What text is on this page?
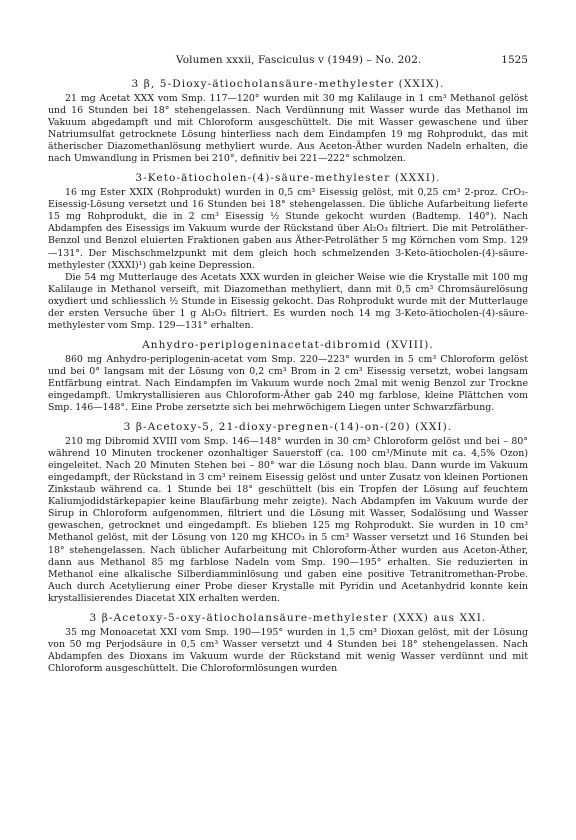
Volumen xxxii, Fasciculus v (1949) – No. 202.	1525
3 β, 5-Dioxy-ätiocholansäure-methylester (XXIX).

21 mg Acetat XXX vom Smp. 117—120° wurden mit 30 mg Kalilauge in 1 cm³ Methanol gelöst und 16 Stunden bei 18° stehengelassen. Nach Verdünnung mit Wasser wurde das Methanol im Vakuum abgedampft und mit Chloroform ausgeschüttelt. Die mit Wasser gewaschene und über Natriumsulfat getrocknete Lösung hinterliess nach dem Eindampfen 19 mg Rohprodukt, das mit ätherischer Diazomethanlösung methyliert wurde. Aus Aceton-Äther wurden Nadeln erhalten, die nach Umwandlung in Prismen bei 210°, definitiv bei 221—222° schmolzen.

3-Keto-ätiocholen-(4)-säure-methylester (XXXI).

16 mg Ester XXIX (Rohprodukt) wurden in 0,5 cm³ Eisessig gelöst, mit 0,25 cm³ 2-proz. CrO₃-Eisessig-Lösung versetzt und 16 Stunden bei 18° stehengelassen. Die übliche Aufarbeitung lieferte 15 mg Rohprodukt, die in 2 cm³ Eisessig ½ Stunde gekocht wurden (Badtemp. 140°). Nach Abdampfen des Eisessigs im Vakuum wurde der Rückstand über Al₂O₃ filtriert. Die mit Petroläther-Benzol und Benzol eluierten Fraktionen gaben aus Äther-Petroläther 5 mg Körnchen vom Smp. 129—131°. Der Mischschmelzpunkt mit dem gleich hoch schmelzenden 3-Keto-ätiocholen-(4)-säure-methylester (XXXI)¹) gab keine Depression.

Die 54 mg Mutterlauge des Acetats XXX wurden in gleicher Weise wie die Krystalle mit 100 mg Kalilauge in Methanol verseift, mit Diazomethan methyliert, dann mit 0,5 cm³ Chromsäurelösung oxydiert und schliesslich ½ Stunde in Eisessig gekocht. Das Rohprodukt wurde mit der Mutterlauge der ersten Versuche über 1 g Al₂O₃ filtriert. Es wurden noch 14 mg 3-Keto-ätiocholen-(4)-säure-methylester vom Smp. 129—131° erhalten.

Anhydro-periplogeninacetat-dibromid (XVIII).

860 mg Anhydro-periplogenin-acetat vom Smp. 220—223° wurden in 5 cm³ Chloroform gelöst und bei 0° langsam mit der Lösung von 0,2 cm³ Brom in 2 cm³ Eisessig versetzt, wobei langsam Entfärbung eintrat. Nach Eindampfen im Vakuum wurde noch 2mal mit wenig Benzol zur Trockne eingedampft. Umkrystallisieren aus Chloroform-Äther gab 240 mg farblose, kleine Plättchen vom Smp. 146—148°. Eine Probe zersetzte sich bei mehrwöchigem Liegen unter Schwarzfärbung.

3 β-Acetoxy-5, 21-dioxy-pregnen-(14)-on-(20) (XXI).

210 mg Dibromid XVIII vom Smp. 146—148° wurden in 30 cm³ Chloroform gelöst und bei – 80° während 10 Minuten trockener ozonhaltiger Sauerstoff (ca. 100 cm³/Minute mit ca. 4,5% Ozon) eingeleitet. Nach 20 Minuten Stehen bei – 80° war die Lösung noch blau. Dann wurde im Vakuum eingedampft, der Rückstand in 3 cm³ reinem Eisessig gelöst und unter Zusatz von kleinen Portionen Zinkstaub während ca. 1 Stunde bei 18° geschüttelt (bis ein Tropfen der Lösung auf feuchtem Kaliumjodidstärkepapier keine Blaufärbung mehr zeigte). Nach Abdampfen im Vakuum wurde der Sirup in Chloroform aufgenommen, filtriert und die Lösung mit Wasser, Sodalösung und Wasser gewaschen, getrocknet und eingedampft. Es blieben 125 mg Rohprodukt. Sie wurden in 10 cm³ Methanol gelöst, mit der Lösung von 120 mg KHCO₃ in 5 cm³ Wasser versetzt und 16 Stunden bei 18° stehengelassen. Nach üblicher Aufarbeitung mit Chloroform-Äther wurden aus Aceton-Äther, dann aus Methanol 85 mg farblose Nadeln vom Smp. 190—195° erhalten. Sie reduzierten in Methanol eine alkalische Silberdiamminlösung und gaben eine positive Tetranitromethan-Probe. Auch durch Acetylierung einer Probe dieser Krystalle mit Pyridin und Acetanhydrid konnte kein krystallisierendes Diacetat XIX erhalten werden.

3 β-Acetoxy-5-oxy-ätiocholansäure-methylester (XXX) aus XXI.

35 mg Monoacetat XXI vom Smp. 190—195° wurden in 1,5 cm³ Dioxan gelöst, mit der Lösung von 50 mg Perjodsäure in 0,5 cm³ Wasser versetzt und 4 Stunden bei 18° stehengelassen. Nach Abdampfen des Dioxans im Vakuum wurde der Rückstand mit wenig Wasser verdünnt und mit Chloroform ausgeschüttelt. Die Chloroformlösungen wurden
